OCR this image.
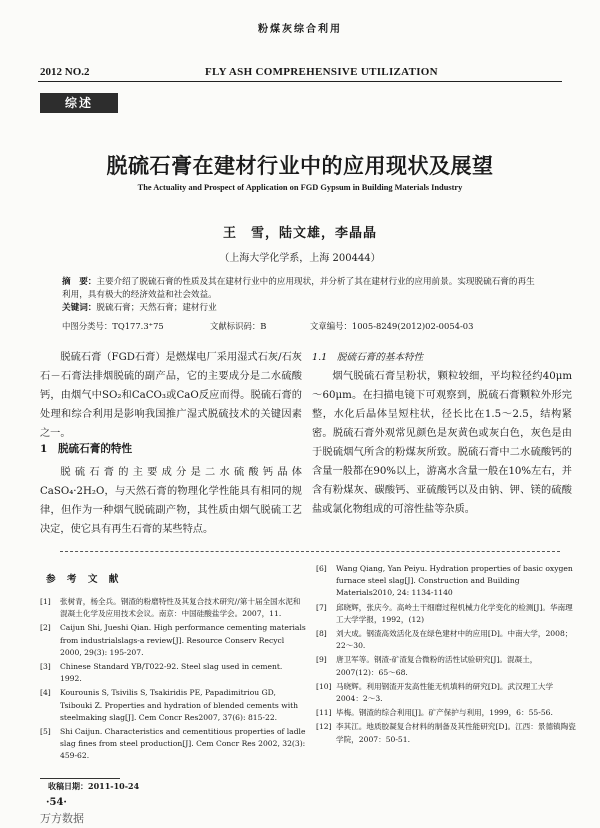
粉煤灰综合利用
2012 NO.2	FLY ASH COMPREHENSIVE UTILIZATION
综述
脱硫石膏在建材行业中的应用现状及展望
The Actuality and Prospect of Application on FGD Gypsum in Building Materials Industry
王　雪，陆文雄，李晶晶
（上海大学化学系，上海 200444）
摘　要：主要介绍了脱硫石膏的性质及其在建材行业中的应用现状，并分析了其在建材行业的应用前景。实现脱硫石膏的再生利用，具有极大的经济效益和社会效益。
关键词：脱硫石膏；天然石膏；建材行业
中图分类号：TQ177.3⁺75	文献标识码：B	文章编号：1005-8249(2012)02-0054-03
脱硫石膏（FGD石膏）是燃煤电厂采用湿式石灰/石灰石－石膏法排烟脱硫的副产品，它的主要成分是二水硫酸钙，由烟气中SO₂和CaCO₃或CaO反应而得。脱硫石膏的处理和综合利用是影响我国推广湿式脱硫技术的关键因素之一。
1　脱硫石膏的特性
脱硫石膏的主要成分是二水硫酸钙晶体CaSO₄·2H₂O，与天然石膏的物理化学性能具有相同的规律，但作为一种烟气脱硫副产物，其性质由烟气脱硫工艺决定，使它具有再生石膏的某些特点。
1.1　脱硫石膏的基本特性
烟气脱硫石膏呈粉状，颗粒较细，平均粒径约40μm～60μm。在扫描电镜下可观察到，脱硫石膏颗粒外形完整，水化后晶体呈短柱状，径长比在1.5～2.5，结构紧密。脱硫石膏外观常见颜色是灰黄色或灰白色，灰色是由于脱硫烟气所含的粉煤灰所致。脱硫石膏中二水硫酸钙的含量一般都在90%以上，游离水含量一般在10%左右，并含有粉煤灰、碳酸钙、亚硫酸钙以及由钠、钾、镁的硫酸盐或氯化物组成的可溶性盐等杂质。
参 考 文 献
[1] 张树青，杨全兵。钢渣的粉磨特性及其复合技术研究//第十届全国水泥和混凝土化学及应用技术会议。南京：中国硅酸盐学会。2007，11.
[2] Caijun Shi, Jueshi Qian. High performance cementing materials from industrialslags-a review[J]. Resource Conserv Recycl 2000, 29(3): 195-207.
[3] Chinese Standard YB/T022-92. Steel slag used in cement. 1992.
[4] Kourounis S, Tsivilis S, Tsakiridis PE, Papadimitriou GD, Tsibouki Z. Properties and hydration of blended cements with steelmaking slag[J]. Cem Concr Res2007, 37(6): 815-22.
[5] Shi Caijun. Characteristics and cementitious properties of ladle slag fines from steel production[J]. Cem Concr Res 2002, 32(3): 459-62.
[6] Wang Qiang, Yan Peiyu. Hydration properties of basic oxygen furnace steel slag[J]. Construction and Building Materials2010, 24: 1134-1140
[7] 邱晓辉，张庆今。高岭土干细磨过程机械力化学变化的检测[J]。华南理工大学学报，1992，(12)
[8] 刘大成。钢渣高效活化及在绿色建材中的应用[D]。中南大学，2008；22～30.
[9] 唐卫军等。钢渣-矿渣复合微粉的活性试验研究[J]。混凝土，2007(12)：65～68.
[10] 马晓辉。利用钢渣开发高性能无机填料的研究[D]。武汉理工大学2004：2～3.
[11] 毕梅。钢渣的综合利用[J]。矿产保护与利用，1999，6：55-56.
[12] 李其江。地质胶凝复合材料的制备及其性能研究[D]。江西：景德镇陶瓷学院，2007：50-51.
收稿日期：2011-10-24
·54·
万方数据
